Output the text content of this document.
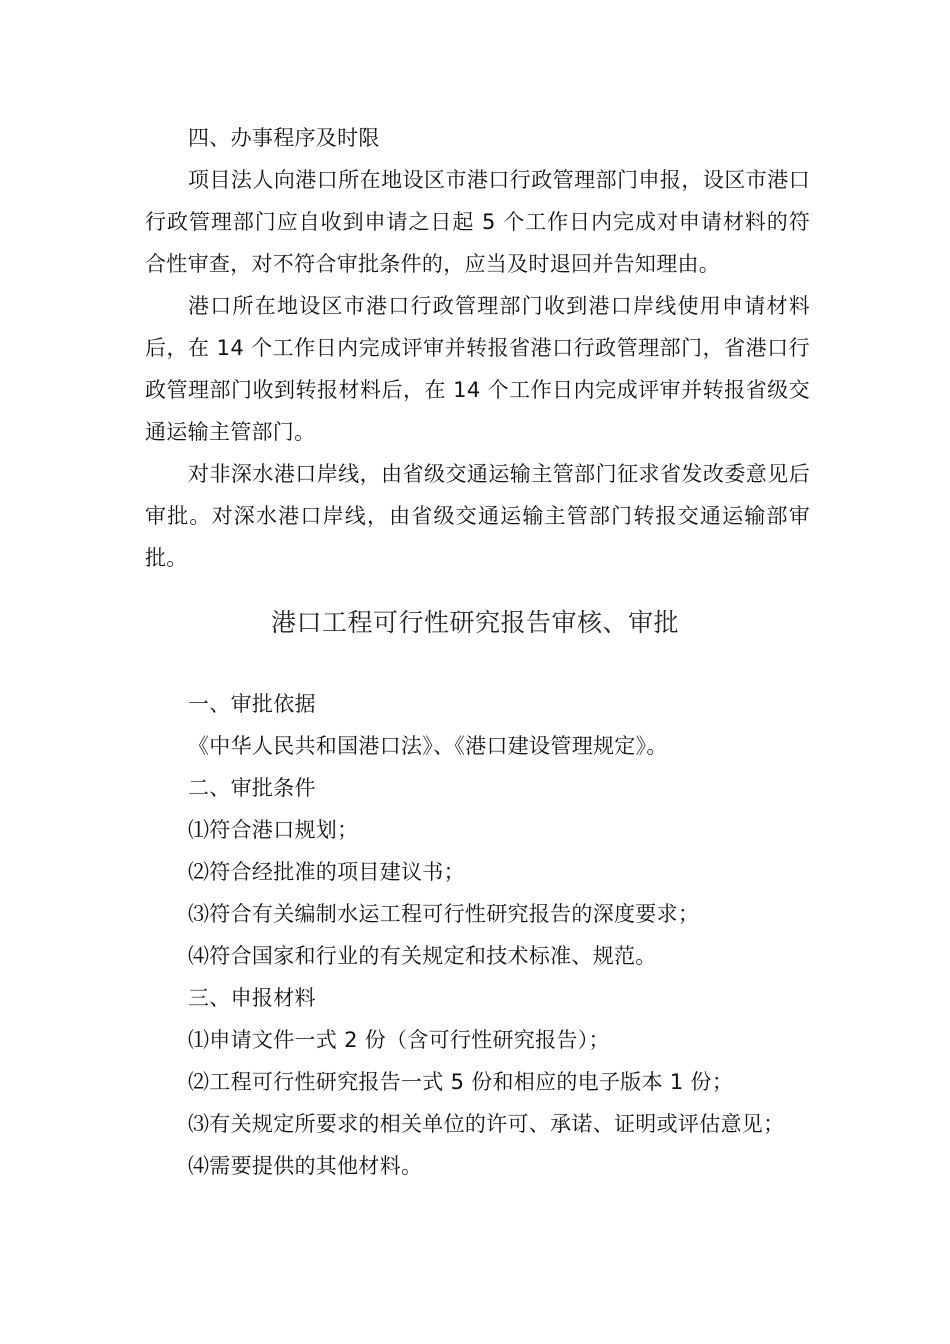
四、办事程序及时限

项目法人向港口所在地设区市港口行政管理部门申报，设区市港口行政管理部门应自收到申请之日起 5 个工作日内完成对申请材料的符合性审查，对不符合审批条件的，应当及时退回并告知理由。

港口所在地设区市港口行政管理部门收到港口岸线使用申请材料后，在 14 个工作日内完成评审并转报省港口行政管理部门，省港口行政管理部门收到转报材料后，在 14 个工作日内完成评审并转报省级交通运输主管部门。

对非深水港口岸线，由省级交通运输主管部门征求省发改委意见后审批。对深水港口岸线，由省级交通运输主管部门转报交通运输部审批。

港口工程可行性研究报告审核、审批

一、审批依据

《中华人民共和国港口法》、《港口建设管理规定》。

二、审批条件

⑴符合港口规划；

⑵符合经批准的项目建议书；

⑶符合有关编制水运工程可行性研究报告的深度要求；

⑷符合国家和行业的有关规定和技术标准、规范。

三、申报材料

⑴申请文件一式 2 份（含可行性研究报告）；

⑵工程可行性研究报告一式 5 份和相应的电子版本 1 份；

⑶有关规定所要求的相关单位的许可、承诺、证明或评估意见；

⑷需要提供的其他材料。
